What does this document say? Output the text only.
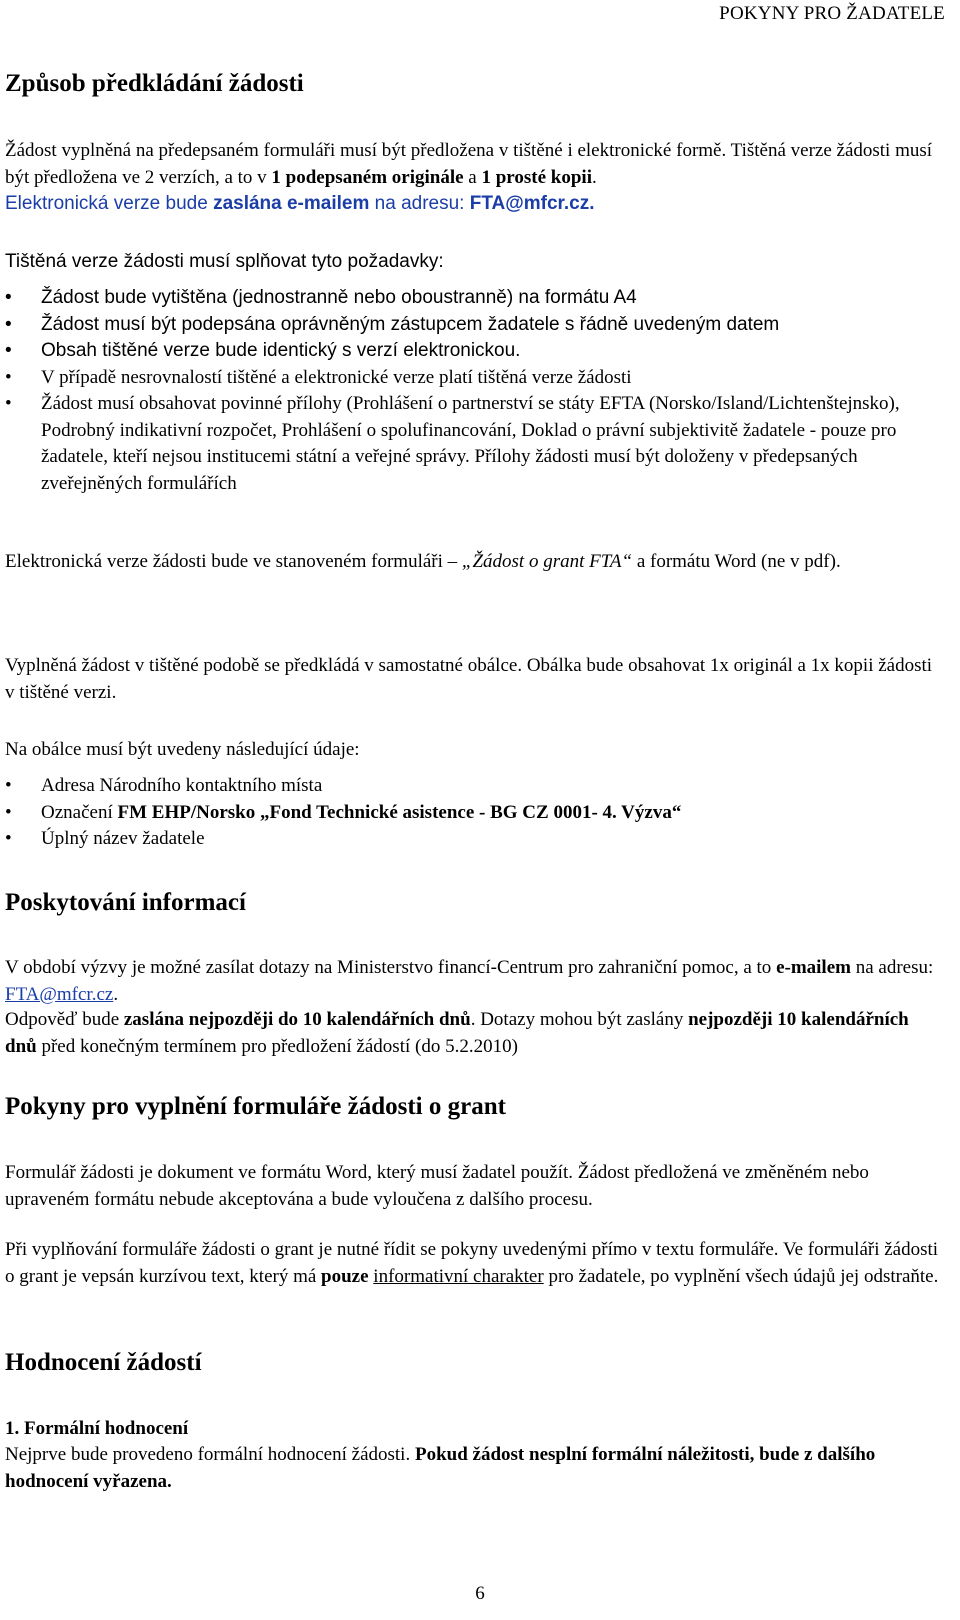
POKYNY PRO ŽADATELE
Způsob předkládání žádosti

Žádost vyplněná na předepsaném formuláři musí být předložena v tištěné i elektronické formě. Tištěná verze žádosti musí být předložena ve 2 verzích, a to v 1 podepsaném originále a 1 prosté kopii.
Elektronická verze bude zaslána e-mailem na adresu: FTA@mfcr.cz.

Tištěná verze žádosti musí splňovat tyto požadavky:

• Žádost bude vytištěna (jednostranně nebo oboustranně) na formátu A4
• Žádost musí být podepsána oprávněným zástupcem žadatele s řádně uvedeným datem
• Obsah tištěné verze bude identický s verzí elektronickou.
• V případě nesrovnalostí tištěné a elektronické verze platí tištěná verze žádosti
• Žádost musí obsahovat povinné přílohy (Prohlášení o partnerství se státy EFTA (Norsko/Island/Lichtenštejnsko), Podrobný indikativní rozpočet, Prohlášení o spolufinancování, Doklad o právní subjektivitě žadatele - pouze pro žadatele, kteří nejsou institucemi státní a veřejné správy. Přílohy žádosti musí být doloženy v předepsaných zveřejněných formulářích

Elektronická verze žádosti bude ve stanoveném formuláři – „Žádost o grant FTA“ a formátu Word (ne v pdf).

Vyplněná žádost v tištěné podobě se předkládá v samostatné obálce. Obálka bude obsahovat 1x originál a 1x kopii žádosti v tištěné verzi.

Na obálce musí být uvedeny následující údaje:

• Adresa Národního kontaktního místa
• Označení FM EHP/Norsko „Fond Technické asistence - BG CZ 0001- 4. Výzva“
• Úplný název žadatele
Poskytování informací

V období výzvy je možné zasílat dotazy na Ministerstvo financí-Centrum pro zahraniční pomoc, a to e-mailem na adresu: FTA@mfcr.cz.

Odpověď bude zaslána nejpozději do 10 kalendářních dnů. Dotazy mohou být zaslány nejpozději 10 kalendářních dnů před konečným termínem pro předložení žádostí (do 5.2.2010)

Pokyny pro vyplnění formuláře žádosti o grant

Formulář žádosti je dokument ve formátu Word, který musí žadatel použít. Žádost předložená ve změněném nebo upraveném formátu nebude akceptována a bude vyloučena z dalšího procesu.

Při vyplňování formuláře žádosti o grant je nutné řídit se pokyny uvedenými přímo v textu formuláře. Ve formuláři žádosti o grant je vepsán kurzívou text, který má pouze informativní charakter pro žadatele, po vyplnění všech údajů jej odstraňte.

Hodnocení žádostí

1. Formální hodnocení

Nejprve bude provedeno formální hodnocení žádosti. Pokud žádost nesplní formální náležitosti, bude z dalšího hodnocení vyřazena.

6
